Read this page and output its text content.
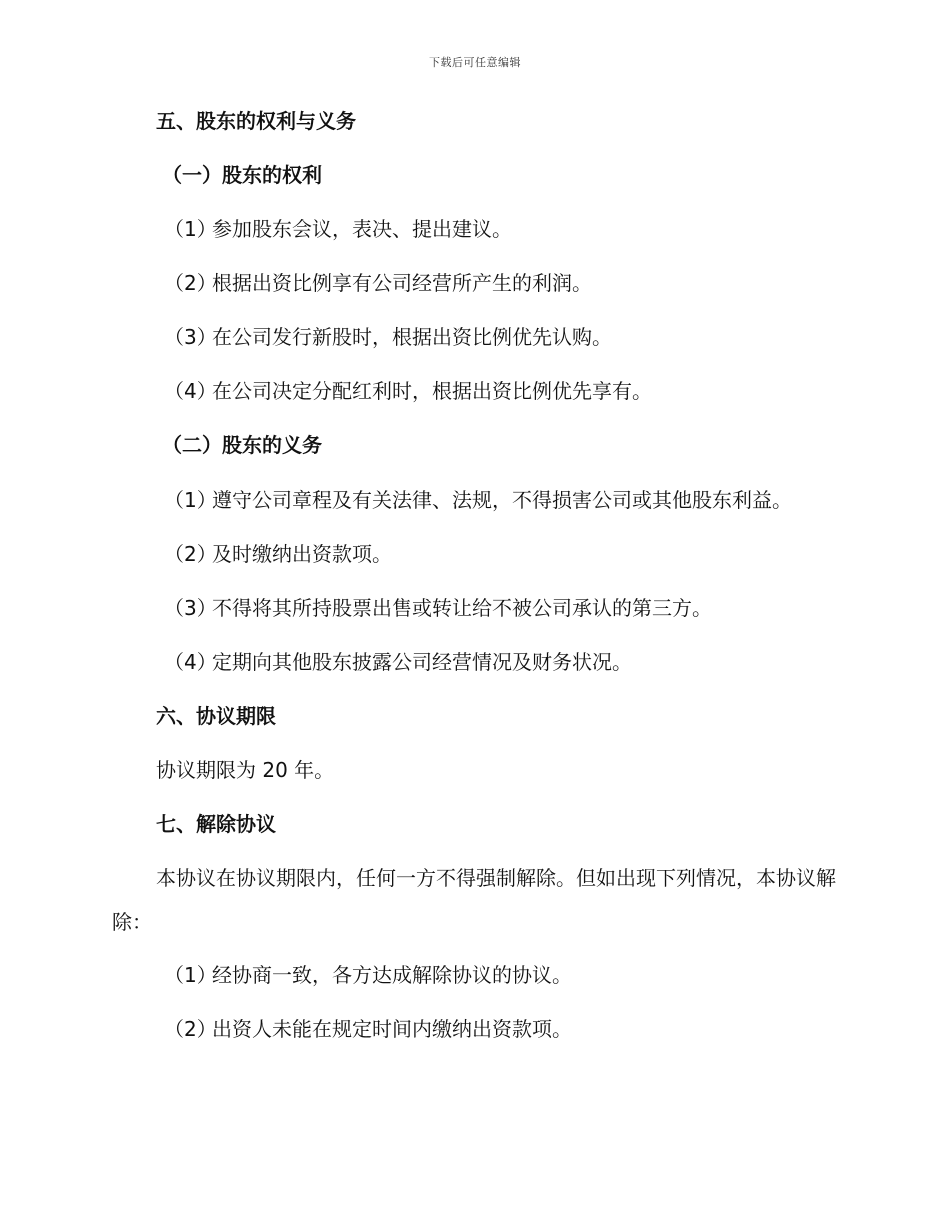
下载后可任意编辑

五、股东的权利与义务

（一）股东的权利

（1）参加股东会议，表决、提出建议。

（2）根据出资比例享有公司经营所产生的利润。

（3）在公司发行新股时，根据出资比例优先认购。

（4）在公司决定分配红利时，根据出资比例优先享有。

（二）股东的义务

（1）遵守公司章程及有关法律、法规，不得损害公司或其他股东利益。

（2）及时缴纳出资款项。

（3）不得将其所持股票出售或转让给不被公司承认的第三方。

（4）定期向其他股东披露公司经营情况及财务状况。

六、协议期限

协议期限为 20 年。

七、解除协议

本协议在协议期限内，任何一方不得强制解除。但如出现下列情况，本协议解除：

（1）经协商一致，各方达成解除协议的协议。

（2）出资人未能在规定时间内缴纳出资款项。
